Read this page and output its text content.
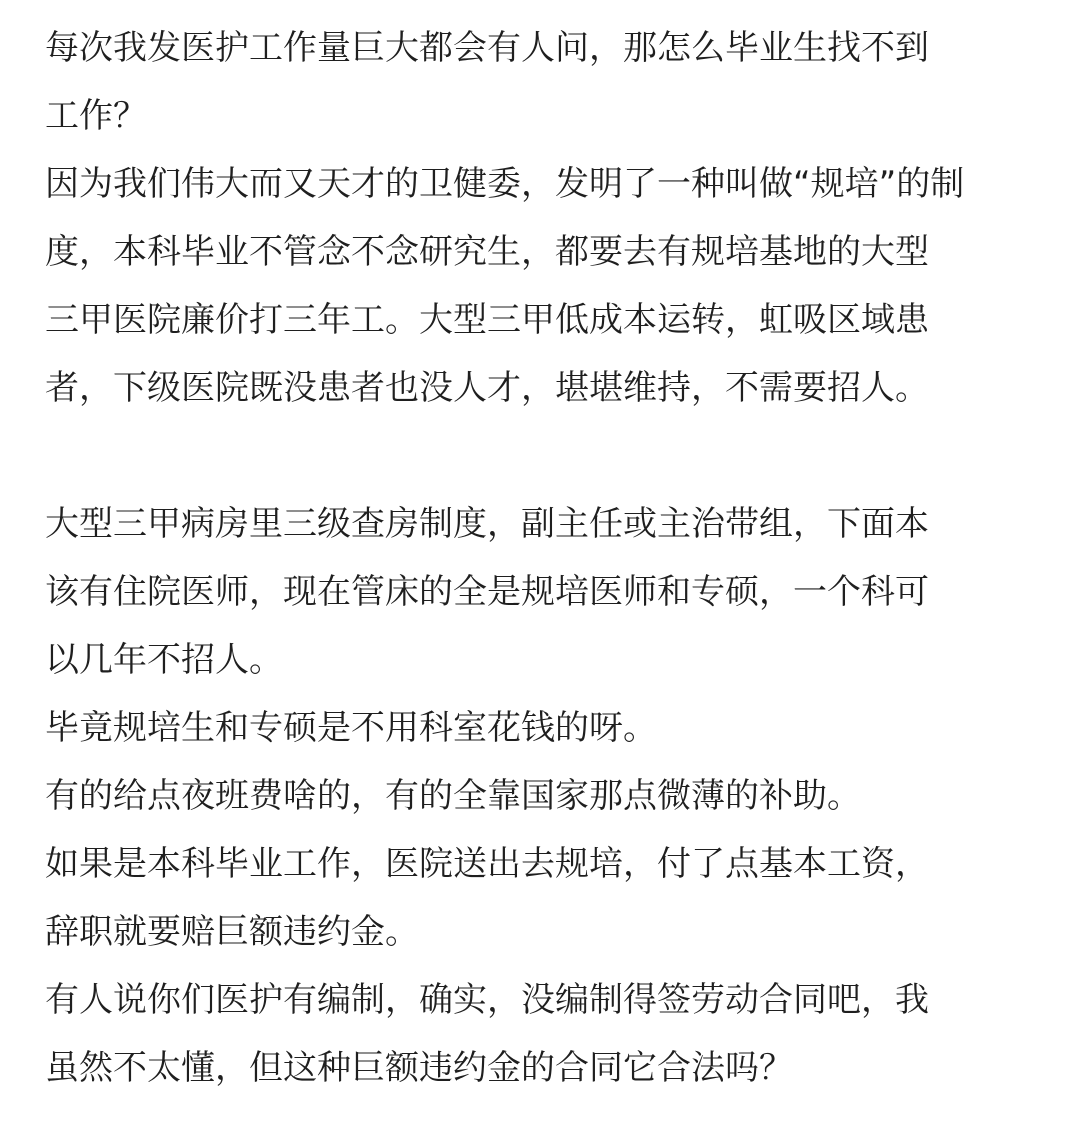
每次我发医护工作量巨大都会有人问，那怎么毕业生找不到
工作？
因为我们伟大而又天才的卫健委，发明了一种叫做“规培”的制
度，本科毕业不管念不念研究生，都要去有规培基地的大型
三甲医院廉价打三年工。大型三甲低成本运转，虹吸区域患
者，下级医院既没患者也没人才，堪堪维持，不需要招人。
大型三甲病房里三级查房制度，副主任或主治带组，下面本
该有住院医师，现在管床的全是规培医师和专硕，一个科可
以几年不招人。
毕竟规培生和专硕是不用科室花钱的呀。
有的给点夜班费啥的，有的全靠国家那点微薄的补助。
如果是本科毕业工作，医院送出去规培，付了点基本工资，
辞职就要赔巨额违约金。
有人说你们医护有编制，确实，没编制得签劳动合同吧，我
虽然不太懂，但这种巨额违约金的合同它合法吗？
